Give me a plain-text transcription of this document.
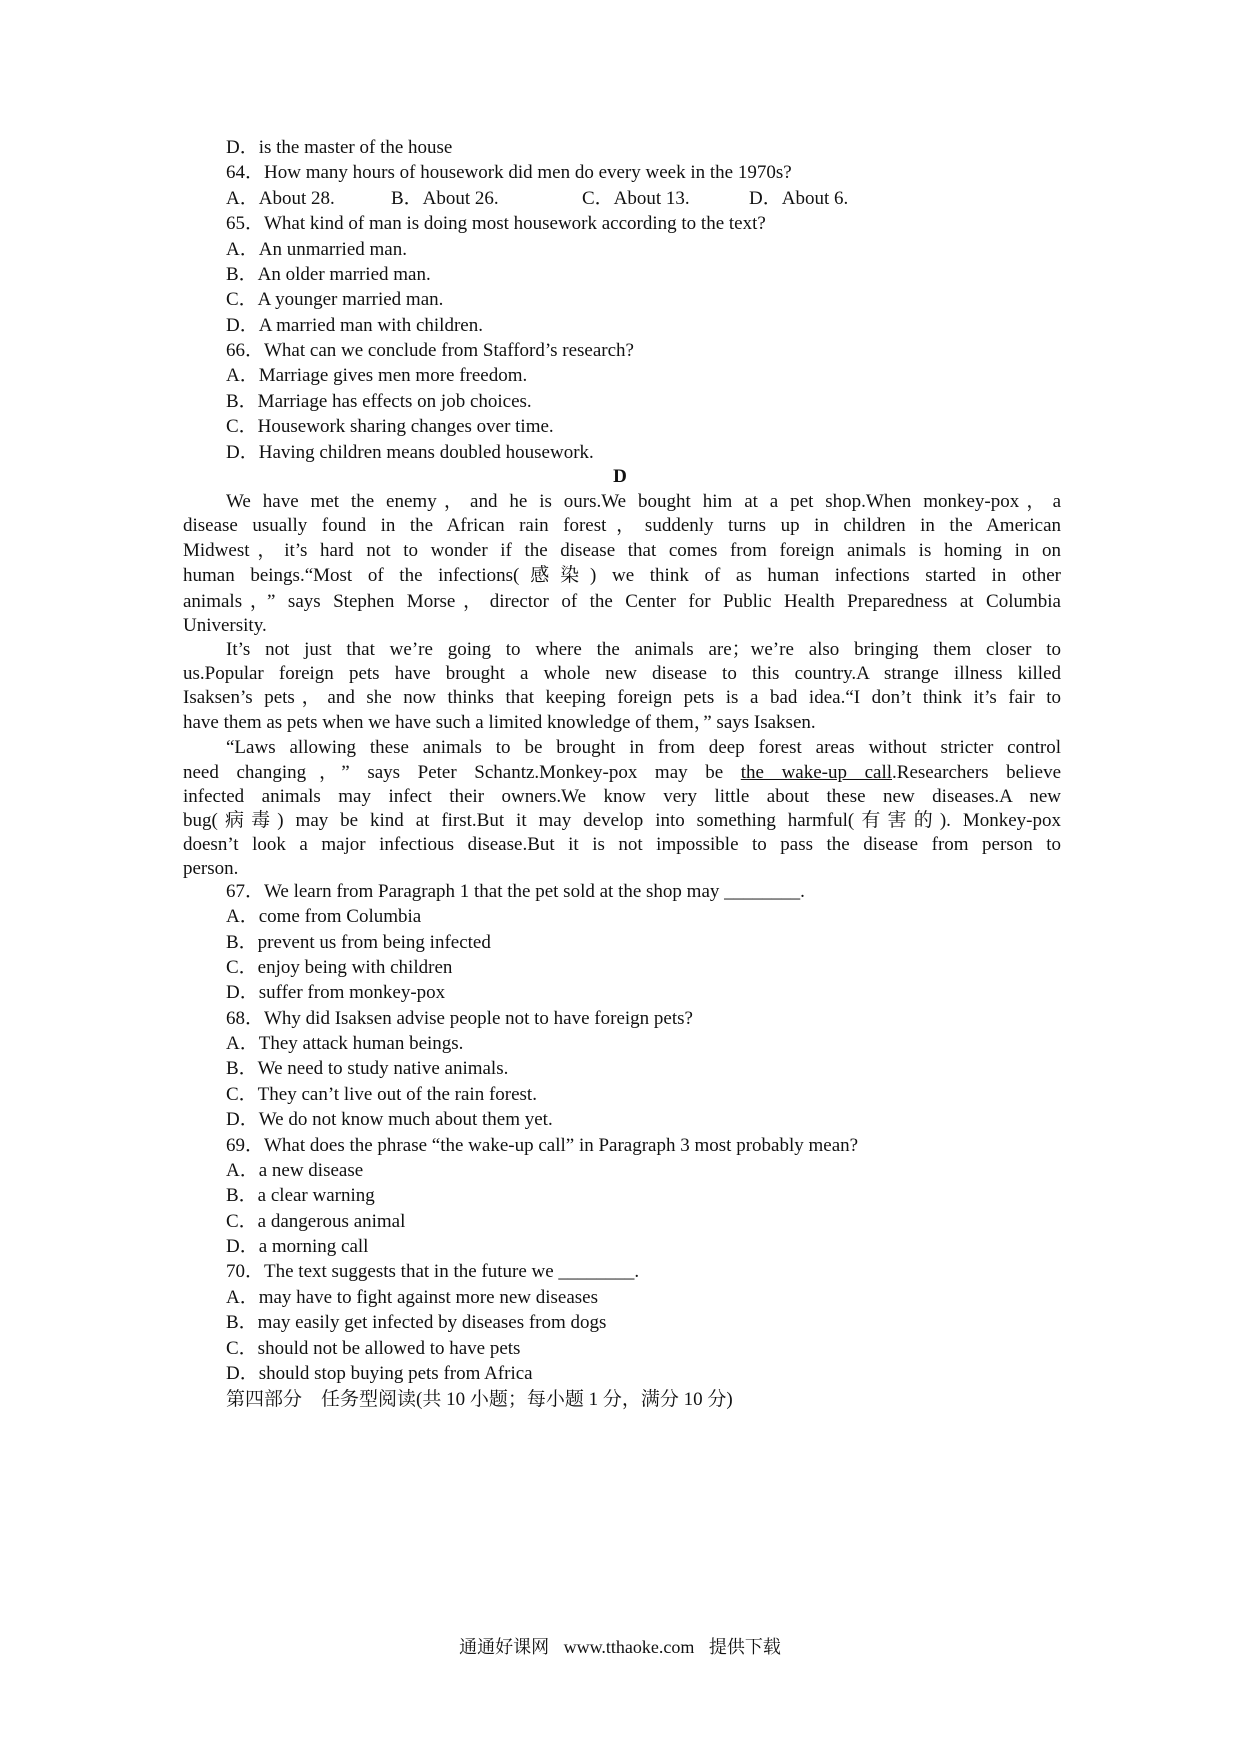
D．is the master of the house
64．How many hours of housework did men do every week in the 1970s?
A．About 28.	B．About 26.	C．About 13.	D．About 6.
65．What kind of man is doing most housework according to the text?
A．An unmarried man.
B．An older married man.
C．A younger married man.
D．A married man with children.
66．What can we conclude from Stafford’s research?
A．Marriage gives men more freedom.
B．Marriage has effects on job choices.
C．Housework sharing changes over time.
D．Having children means doubled housework.
D
We have met the enemy，and he is ours.We bought him at a pet shop.When monkey-pox，a
disease usually found in the African rain forest，suddenly turns up in children in the American
Midwest，it’s hard not to wonder if the disease that comes from foreign animals is homing in on
human beings.“Most of the infections(感染) we think of as human infections started in other
animals，” says Stephen Morse，director of the Center for Public Health Preparedness at Columbia
University.
It’s not just that we’re going to where the animals are；we’re also bringing them closer to
us.Popular foreign pets have brought a whole new disease to this country.A strange illness killed
Isaksen’s pets，and she now thinks that keeping foreign pets is a bad idea.“I don’t think it’s fair to
have them as pets when we have such a limited knowledge of them，” says Isaksen.
“Laws allowing these animals to be brought in from deep forest areas without stricter control
need changing，” says Peter Schantz.Monkey-pox may be the wake-up call.Researchers believe
infected animals may infect their owners.We know very little about these new diseases.A new
bug(病毒) may be kind at first.But it may develop into something harmful(有害的). Monkey-pox
doesn’t look a major infectious disease.But it is not impossible to pass the disease from person to
person.
67．We learn from Paragraph 1 that the pet sold at the shop may ________.
A．come from Columbia
B．prevent us from being infected
C．enjoy being with children
D．suffer from monkey-pox
68．Why did Isaksen advise people not to have foreign pets?
A．They attack human beings.
B．We need to study native animals.
C．They can’t live out of the rain forest.
D．We do not know much about them yet.
69．What does the phrase “the wake-up call” in Paragraph 3 most probably mean?
A．a new disease
B．a clear warning
C．a dangerous animal
D．a morning call
70．The text suggests that in the future we ________.
A．may have to fight against more new diseases
B．may easily get infected by diseases from dogs
C．should not be allowed to have pets
D．should stop buying pets from Africa
第四部分　任务型阅读(共 10 小题；每小题 1 分，满分 10 分)
通通好课网 www.tthaoke.com 提供下载
